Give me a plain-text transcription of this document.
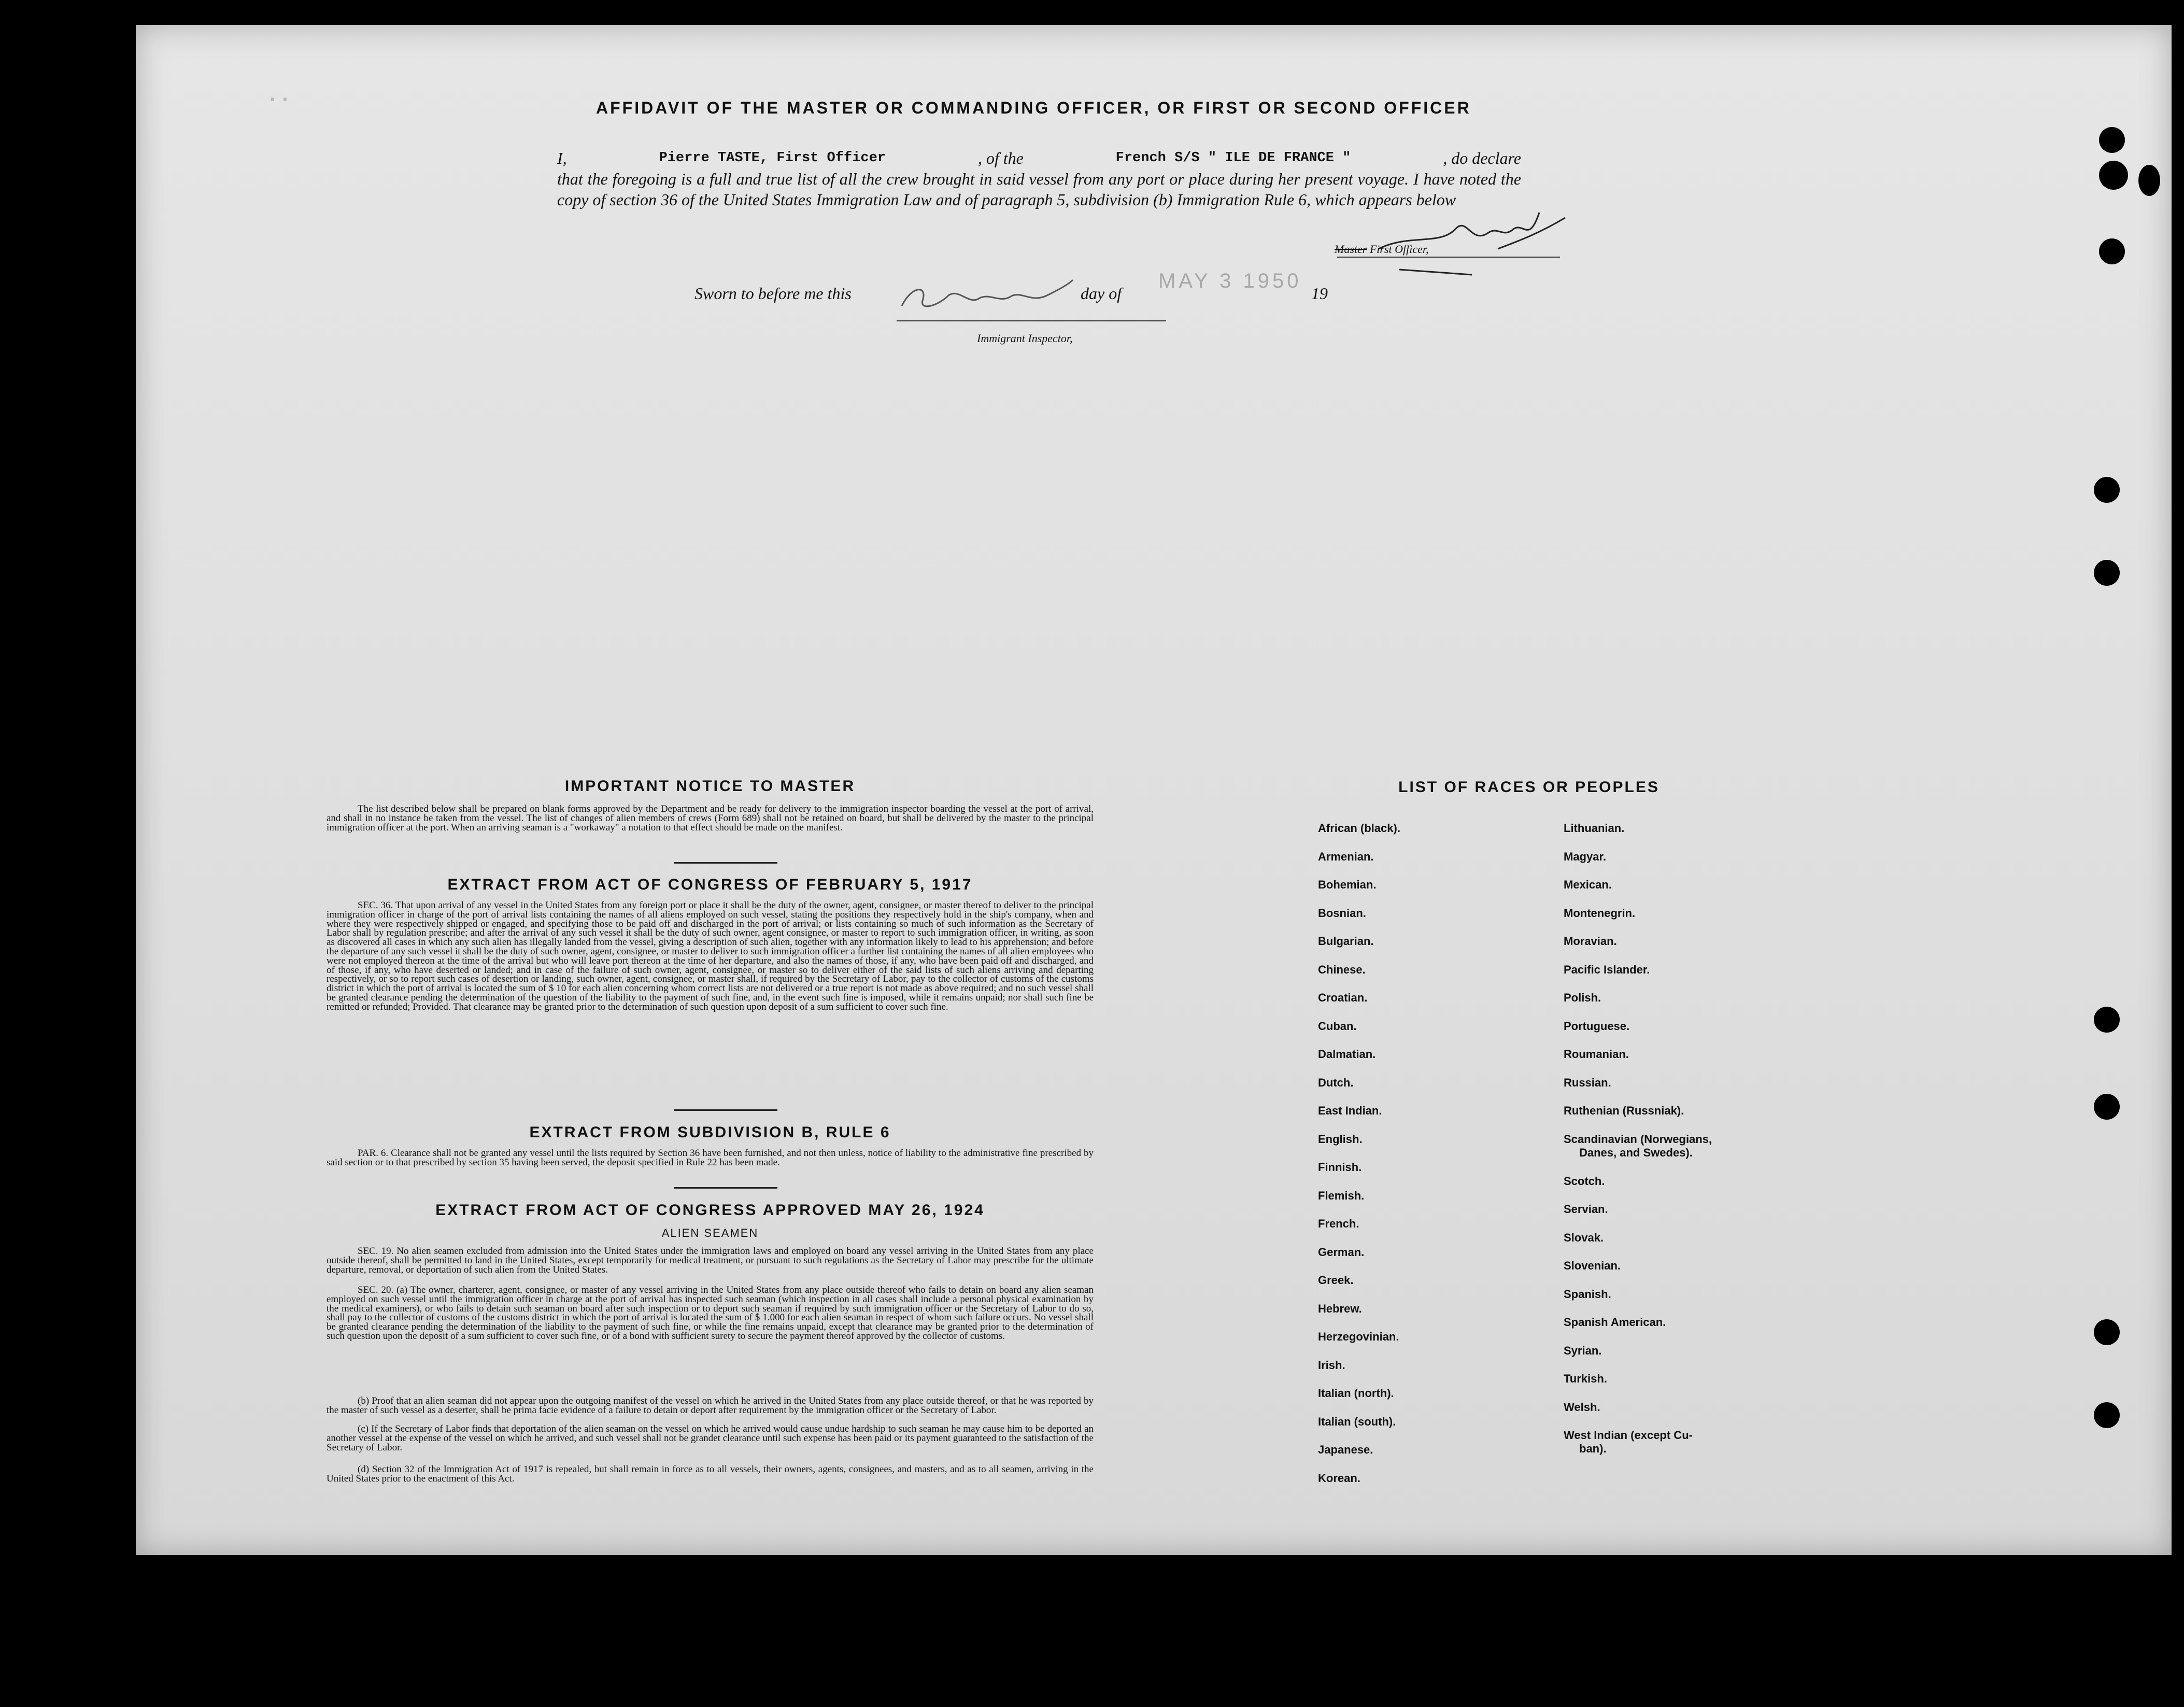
· ·	AFFIDAVIT OF THE MASTER OR COMMANDING OFFICER, OR FIRST OR SECOND OFFICER
I,	Pierre TASTE, First Officer	, of the	French S/S " ILE DE FRANCE "	, do declare
that the foregoing is a full and true list of all the crew brought in said vessel from any port or place during her present voyage. I have noted the copy of section 36 of the United States Immigration Law and of paragraph 5, subdivision (b) Immigration Rule 6, which appears below
Master First Officer,
Sworn to before me this	day of
MAY 3 1950
19
Immigrant Inspector,
IMPORTANT NOTICE TO MASTER
The list described below shall be prepared on blank forms approved by the Department and be ready for delivery to the immigration inspector boarding the vessel at the port of arrival, and shall in no instance be taken from the vessel. The list of changes of alien members of crews (Form 689) shall not be retained on board, but shall be delivered by the master to the principal immigration officer at the port. When an arriving seaman is a "workaway" a notation to that effect should be made on the manifest.
EXTRACT FROM ACT OF CONGRESS OF FEBRUARY 5, 1917
SEC. 36. That upon arrival of any vessel in the United States from any foreign port or place it shall be the duty of the owner, agent, consignee, or master thereof to deliver to the principal immigration officer in charge of the port of arrival lists containing the names of all aliens employed on such vessel, stating the positions they respectively hold in the ship's company, when and where they were respectively shipped or engaged, and specifying those to be paid off and discharged in the port of arrival; or lists containing so much of such information as the Secretary of Labor shall by regulation prescribe; and after the arrival of any such vessel it shall be the duty of such owner, agent consignee, or master to report to such immigration officer, in writing, as soon as discovered all cases in which any such alien has illegally landed from the vessel, giving a description of such alien, together with any information likely to lead to his apprehension; and before the departure of any such vessel it shall be the duty of such owner, agent, consignee, or master to deliver to such immigration officer a further list containing the names of all alien employees who were not employed thereon at the time of the arrival but who will leave port thereon at the time of her departure, and also the names of those, if any, who have been paid off and discharged, and of those, if any, who have deserted or landed; and in case of the failure of such owner, agent, consignee, or master so to deliver either of the said lists of such aliens arriving and departing respectively, or so to report such cases of desertion or landing, such owner, agent, consignee, or master shall, if required by the Secretary of Labor, pay to the collector of customs of the customs district in which the port of arrival is located the sum of $ 10 for each alien concerning whom correct lists are not delivered or a true report is not made as above required; and no such vessel shall be granted clearance pending the determination of the question of the liability to the payment of such fine, and, in the event such fine is imposed, while it remains unpaid; nor shall such fine be remitted or refunded; Provided. That clearance may be granted prior to the determination of such question upon deposit of a sum sufficient to cover such fine.
EXTRACT FROM SUBDIVISION B, RULE 6
PAR. 6. Clearance shall not be granted any vessel until the lists required by Section 36 have been furnished, and not then unless, notice of liability to the administrative fine prescribed by said section or to that prescribed by section 35 having been served, the deposit specified in Rule 22 has been made.
EXTRACT FROM ACT OF CONGRESS APPROVED MAY 26, 1924
ALIEN SEAMEN
SEC. 19. No alien seamen excluded from admission into the United States under the immigration laws and employed on board any vessel arriving in the United States from any place outside thereof, shall be permitted to land in the United States, except temporarily for medical treatment, or pursuant to such regulations as the Secretary of Labor may prescribe for the ultimate departure, removal, or deportation of such alien from the United States.
SEC. 20. (a) The owner, charterer, agent, consignee, or master of any vessel arriving in the United States from any place outside thereof who fails to detain on board any alien seaman employed on such vessel until the immigration officer in charge at the port of arrival has inspected such seaman (which inspection in all cases shall include a personal physical examination by the medical examiners), or who fails to detain such seaman on board after such inspection or to deport such seaman if required by such immigration officer or the Secretary of Labor to do so, shall pay to the collector of customs of the customs district in which the port of arrival is located the sum of $ 1.000 for each alien seaman in respect of whom such failure occurs. No vessel shall be granted clearance pending the determination of the liability to the payment of such fine, or while the fine remains unpaid, except that clearance may be granted prior to the determination of such question upon the deposit of a sum sufficient to cover such fine, or of a bond with sufficient surety to secure the payment thereof approved by the collector of customs.
(b) Proof that an alien seaman did not appear upon the outgoing manifest of the vessel on which he arrived in the United States from any place outside thereof, or that he was reported by the master of such vessel as a deserter, shall be prima facie evidence of a failure to detain or deport after requirement by the immigration officer or the Secretary of Labor.
(c) If the Secretary of Labor finds that deportation of the alien seaman on the vessel on which he arrived would cause undue hardship to such seaman he may cause him to be deported an another vessel at the expense of the vessel on which he arrived, and such vessel shall not be grandet clearance until such expense has been paid or its payment guaranteed to the satisfaction of the Secretary of Labor.
(d) Section 32 of the Immigration Act of 1917 is repealed, but shall remain in force as to all vessels, their owners, agents, consignees, and masters, and as to all seamen, arriving in the United States prior to the enactment of this Act.
LIST OF RACES OR PEOPLES
African (black).
Armenian.
Bohemian.
Bosnian.
Bulgarian.
Chinese.
Croatian.
Cuban.
Dalmatian.
Dutch.
East Indian.
English.
Finnish.
Flemish.
French.
German.
Greek.
Hebrew.
Herzegovinian.
Irish.
Italian (north).
Italian (south).
Japanese.
Korean.
Lithuanian.
Magyar.
Mexican.
Montenegrin.
Moravian.
Pacific Islander.
Polish.
Portuguese.
Roumanian.
Russian.
Ruthenian (Russniak).
Scandinavian (Norwegians,
Danes, and Swedes).
Scotch.
Servian.
Slovak.
Slovenian.
Spanish.
Spanish American.
Syrian.
Turkish.
Welsh.
West Indian (except Cu-
ban).
